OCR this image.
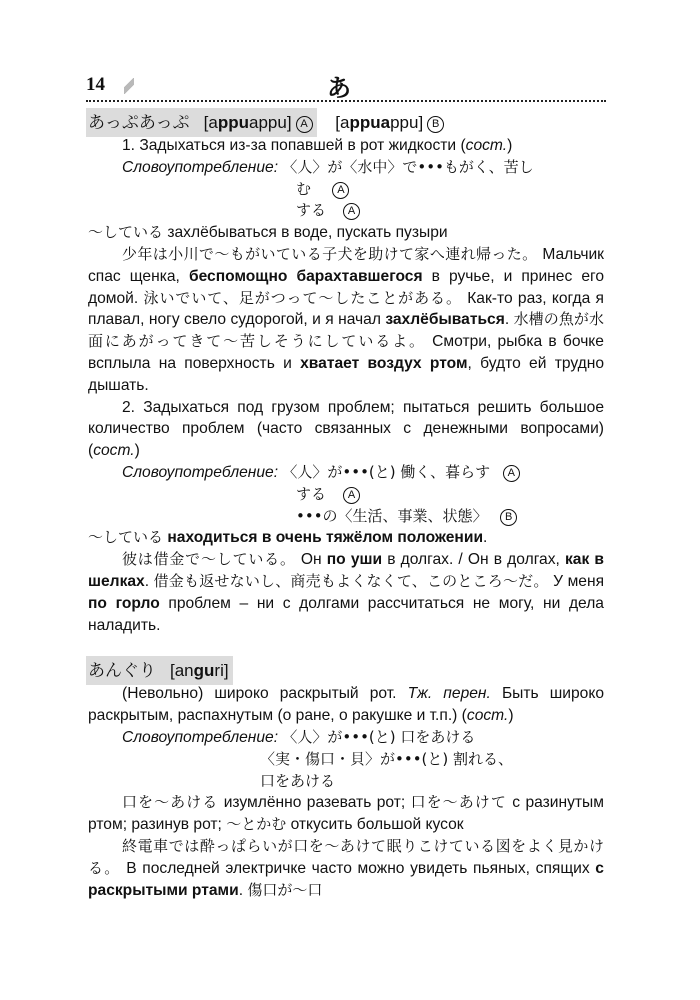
14	あ
あっぷあっぷ [appuappu] A [appuappu] B

1. Задыхаться из-за попавшей в рот жидкости (сост.)

Словоупотребление: 〈人〉が〈水中〉で•••もがく、苦し

む A

する A

〜している захлёбываться в воде, пускать пузыри

少年は小川で〜もがいている子犬を助けて家へ連れ帰った。 Мальчик спас щенка, беспомощно барахтавшегося в ручье, и принес его домой. 泳いでいて、足がつって〜したことがある。 Как-то раз, когда я плавал, ногу свело судорогой, и я начал захлёбываться. 水槽の魚が水面にあがってきて〜苦しそうにしているよ。 Смотри, рыбка в бочке всплыла на поверхность и хватает воздух ртом, будто ей трудно дышать.

2. Задыхаться под грузом проблем; пытаться решить большое количество проблем (часто связанных с денежными вопросами) (сост.)

Словоупотребление: 〈人〉が•••(と) 働く、暮らす A

する A

•••の〈生活、事業、状態〉 B

〜している находиться в очень тяжёлом положении.

彼は借金で〜している。 Он по уши в долгах. / Он в долгах, как в шелках. 借金も返せないし、商売もよくなくて、このところ〜だ。 У меня по горло проблем – ни с долгами рассчитаться не могу, ни дела наладить.

あんぐり [anguri]

(Невольно) широко раскрытый рот. Тж. перен. Быть широко раскрытым, распахнутым (о ране, о ракушке и т.п.) (сост.)

Словоупотребление: 〈人〉が•••(と) 口をあける

〈実・傷口・貝〉が•••(と) 割れる、

口をあける

口を〜あける изумлённо разевать рот; 口を〜あけて с разинутым ртом; разинув рот; 〜とかむ откусить большой кусок

終電車では酔っぱらいが口を〜あけて眠りこけている図をよく見かける。 В последней электричке часто можно увидеть пьяных, спящих с раскрытыми ртами. 傷口が〜口
